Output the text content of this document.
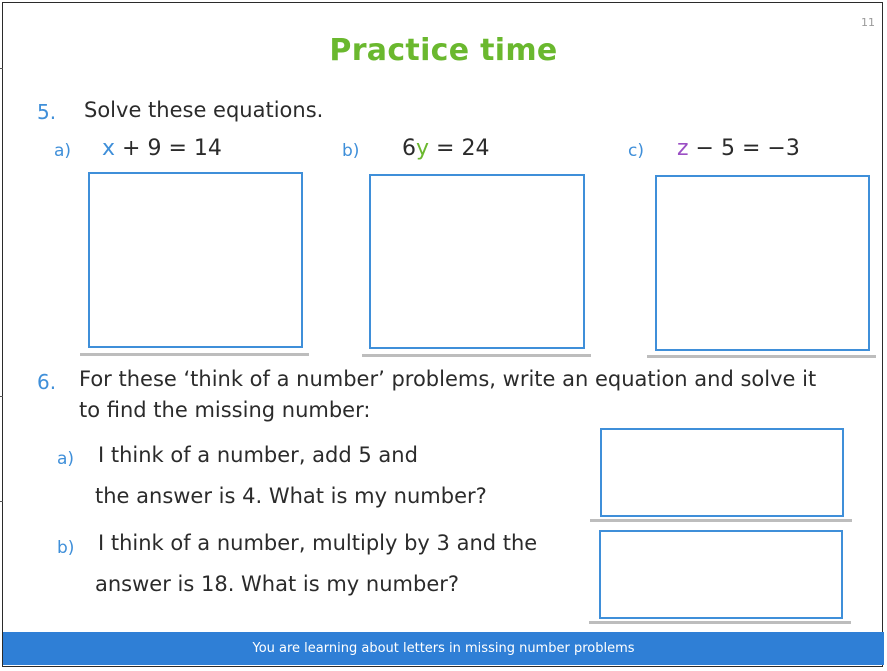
11
Practice time
5. Solve these equations.
a) x + 9 = 14	b) 6y = 24	c) z − 5 = −3
6. For these ‘think of a number’ problems, write an equation and solve it
to find the missing number:
a) I think of a number, add 5 and
the answer is 4. What is my number?
b) I think of a number, multiply by 3 and the
answer is 18. What is my number?
You are learning about letters in missing number problems
